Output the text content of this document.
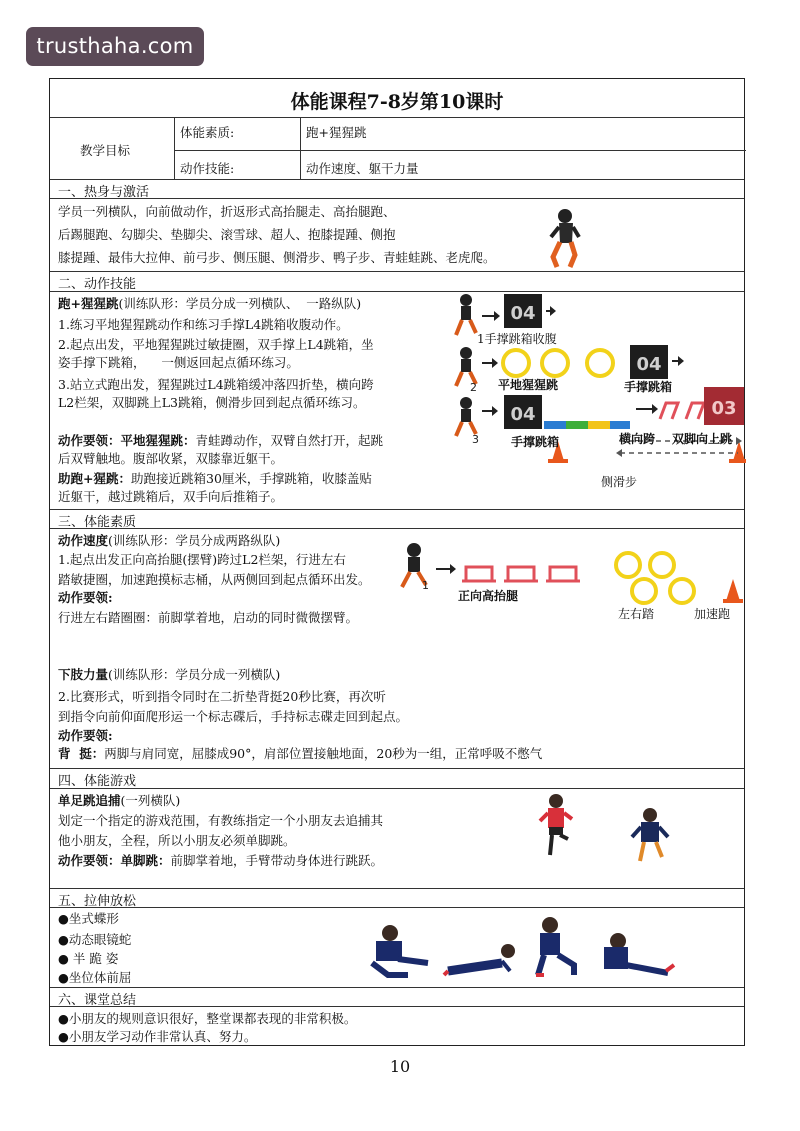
trusthaha.com
体能课程7-8岁第10课时
教学目标
体能素质:	跑+猩猩跳
动作技能:	动作速度、躯干力量
一、热身与激活
学员一列横队，向前做动作，折返形式高抬腿走、高抬腿跑、
后踢腿跑、勾脚尖、垫脚尖、滚雪球、超人、抱膝提踵、侧抱
膝提踵、最伟大拉伸、前弓步、侧压腿、侧滑步、鸭子步、青蛙蛙跳、老虎爬。
二、动作技能
跑+猩猩跳(训练队形：学员分成一列横队、  一路纵队)
1.练习平地猩猩跳动作和练习手撑L4跳箱收腹动作。
2.起点出发，平地猩猩跳过敏捷圈，双手撑上L4跳箱，坐
姿手撑下跳箱，    一侧返回起点循环练习。
3.站立式跑出发，猩猩跳过L4跳箱缓冲落四折垫，横向跨
L2栏架，双脚跳上L3跳箱，侧滑步回到起点循环练习。
动作要领：平地猩猩跳：青蛙蹲动作，双臂自然打开，起跳
后双臂触地。腹部收紧，双膝靠近躯干。
助跑+猩跳：助跑接近跳箱30厘米，手撑跳箱，收膝盖贴
近躯干，越过跳箱后，双手向后推箱子。
04
2
04
3
04	03
1手撑跳箱收腹
平地猩猩跳	手撑跳箱
手撑跳箱	横向跨 双脚向上跳
侧滑步
三、体能素质
动作速度(训练队形：学员分成两路纵队)
1.起点出发正向高抬腿(摆臂)跨过L2栏架，行进左右
踏敏捷圈，加速跑摸标志桶，从两侧回到起点循环出发。
动作要领:
行进左右踏圈圈：前脚掌着地，启动的同时微微摆臂。
下肢力量(训练队形：学员分成一列横队)
2.比赛形式，听到指令同时在二折垫背挺20秒比赛，再次听
到指令向前仰面爬形运一个标志碟后，手持标志碟走回到起点。
动作要领:
背  挺：两脚与肩同宽，屈膝成90°，肩部位置接触地面，20秒为一组，正常呼吸不憋气
1
正向高抬腿
左右踏	加速跑
四、体能游戏
单足跳追捕(一列横队)
划定一个指定的游戏范围，有教练指定一个小朋友去追捕其
他小朋友，全程，所以小朋友必须单脚跳。
动作要领：单脚跳：前脚掌着地，手臂带动身体进行跳跃。
五、拉伸放松
●坐式蝶形
●动态眼镜蛇
● 半 跪 姿
●坐位体前屈
六、课堂总结
●小朋友的规则意识很好，整堂课都表现的非常积极。
●小朋友学习动作非常认真、努力。
10
